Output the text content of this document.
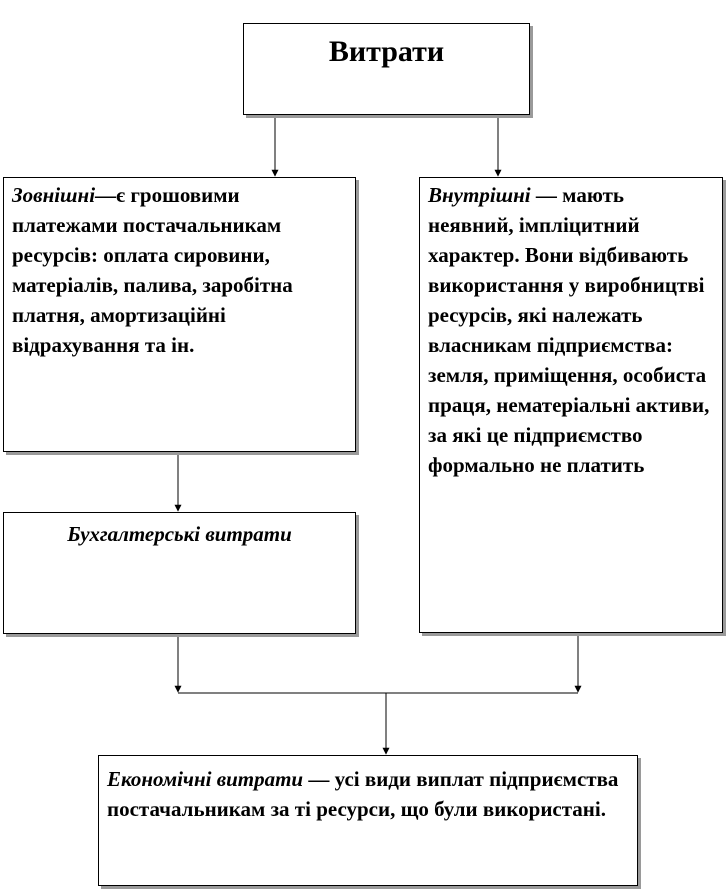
Витрати
Зовнішні—є грошовими платежами постачальникам ресурсів: оплата сировини, матеріалів, палива, заробітна платня, амортизаційні відрахування та ін.
Внутрішні — мають неявний, імпліцитний характер. Вони відбивають використання у виробництві ресурсів, які належать власникам підприємства: земля, приміщення, особиста праця, нематеріальні активи, за які це підприємство формально не платить
Бухгалтерські витрати
Економічні витрати — усі види виплат підприємства постачальникам за ті ресурси, що були використані.
